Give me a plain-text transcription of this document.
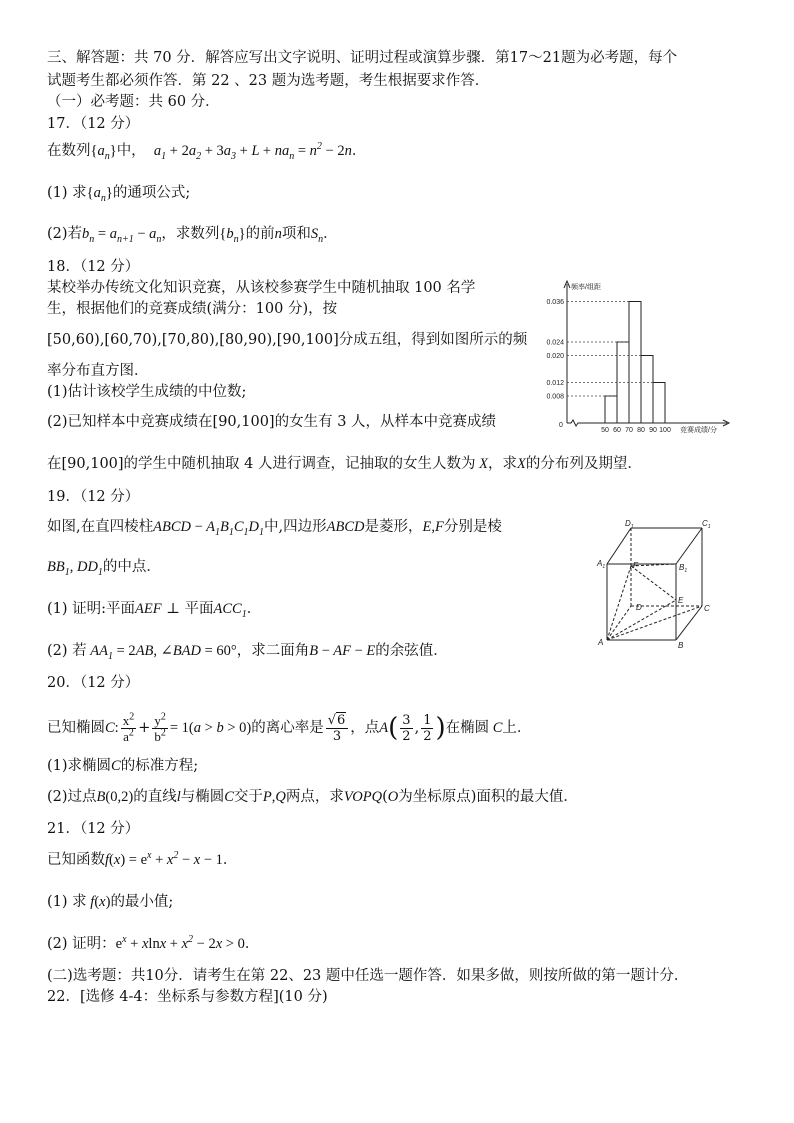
三、解答题：共 70 分．解答应写出文字说明、证明过程或演算步骤．第17～21题为必考题，每个
试题考生都必须作答．第 22 、23 题为选考题，考生根据要求作答．
（一）必考题：共 60 分．
17．（12 分）
在数列$\{a_n\}$中，  $a_1 + 2a_2 + 3a_3 + L + na_n = n^2 - 2n$．
(1) 求$\{a_n\}$的通项公式;
(2)若$b_n = a_{n+1} - a_n$，求数列$\{b_n\}$的前n项和$S_n$．
18．（12 分）
某校举办传统文化知识竞赛，从该校参赛学生中随机抽取 100 名学
生，根据他们的竞赛成绩(满分：100 分)，按
[50,60),[60,70),[70,80),[80,90),[90,100]分成五组，得到如图所示的频
率分布直方图．
(1)估计该校学生成绩的中位数;
(2)已知样本中竞赛成绩在[90,100]的女生有 3 人，从样本中竞赛成绩
在[90,100]的学生中随机抽取 4 人进行调查，记抽取的女生人数为 X，求X的分布列及期望．
0
频率/组距
0.008
0.012
0.020
0.024
0.036
50 60 70 80 90 100 竞赛成绩/分
19．（12 分）
如图,在直四棱柱ABCD − $A_1B_1C_1D_1$中,四边形ABCD是菱形，E,F分别是棱
$BB_1$, $DD_1$的中点．
(1) 证明:平面AEF ⊥ 平面$ACC_1$．
(2) 若 $AA_1 = 2AB$, ∠BAD = 60°，求二面角B − AF − E的余弦值．
$D_1$	$C_1$
$A_1$	$B_1$
F
E
D	C
A	B
20．（12 分）
已知椭圆C: $\frac{x^2}{a^2} + \frac{y^2}{b^2} = 1(a > b > 0)$的离心率是 $\frac{√6}{3}$ ，点$A( \frac{3}{2}$ , $\frac{1}{2}$ )在椭圆 C上．
(1)求椭圆C的标准方程;
(2)过点B(0,2)的直线l与椭圆C交于P,Q两点，求VOPQ(O为坐标原点)面积的最大值．
21．（12 分）
已知函数$f(x) = e^x + x^2 - x - 1$．
(1) 求 f(x)的最小值;
(2) 证明：$e^x + xlnx + x^2 - 2x > 0$．
(二)选考题：共10分．请考生在第 22、23 题中任选一题作答．如果多做，则按所做的第一题计分．
22．[选修 4-4：坐标系与参数方程](10 分)
